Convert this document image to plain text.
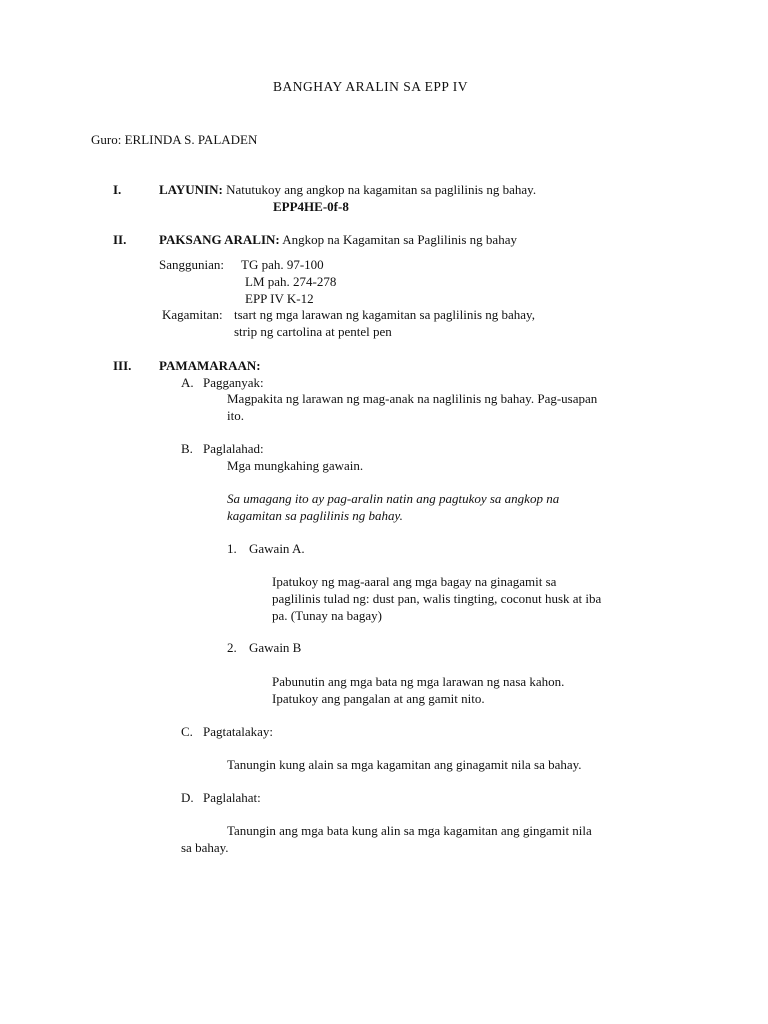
BANGHAY ARALIN SA EPP IV
Guro: ERLINDA S. PALADEN
I.	LAYUNIN: Natutukoy ang angkop na kagamitan sa paglilinis ng bahay.
EPP4HE-0f-8
II.	PAKSANG ARALIN: Angkop na Kagamitan sa Paglilinis ng bahay
Sanggunian: TG pah. 97-100
LM pah. 274-278
EPP IV K-12
Kagamitan: tsart ng mga larawan ng kagamitan sa paglilinis ng bahay,
strip ng cartolina at pentel pen
III. PAMAMARAAN:
A. Pagganyak:
Magpakita ng larawan ng mag-anak na naglilinis ng bahay. Pag-usapan
ito.
B. Paglalahad:
Mga mungkahing gawain.
Sa umagang ito ay pag-aralin natin ang pagtukoy sa angkop na
kagamitan sa paglilinis ng bahay.
1. Gawain A.
Ipatukoy ng mag-aaral ang mga bagay na ginagamit sa
paglilinis tulad ng: dust pan, walis tingting, coconut husk at iba
pa. (Tunay na bagay)
2. Gawain B
Pabunutin ang mga bata ng mga larawan ng nasa kahon.
Ipatukoy ang pangalan at ang gamit nito.
C. Pagtatalakay:
Tanungin kung alain sa mga kagamitan ang ginagamit nila sa bahay.
D. Paglalahat:
Tanungin ang mga bata kung alin sa mga kagamitan ang gingamit nila
sa bahay.
